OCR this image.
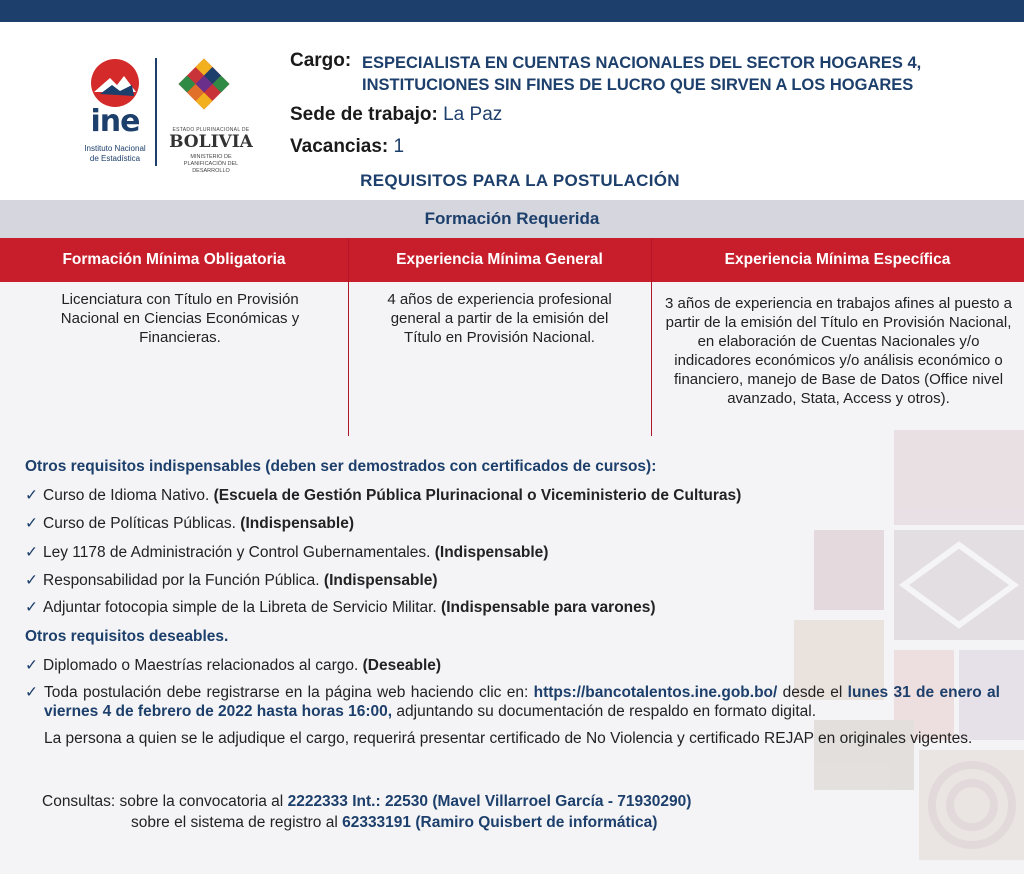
ine
Instituto Nacional
de Estadística
ESTADO PLURINACIONAL DE
BOLIVIA
MINISTERIO DE
PLANIFICACIÓN DEL DESARROLLO
Cargo: ESPECIALISTA EN CUENTAS NACIONALES DEL SECTOR HOGARES 4, INSTITUCIONES SIN FINES DE LUCRO QUE SIRVEN A LOS HOGARES
Sede de trabajo: La Paz
Vacancias: 1
REQUISITOS PARA LA POSTULACIÓN
Formación Requerida
Formación Mínima Obligatoria	Experiencia Mínima General	Experiencia Mínima Específica
Licenciatura con Título en Provisión Nacional en Ciencias Económicas y Financieras.
4 años de experiencia profesional general a partir de la emisión del Título en Provisión Nacional.
3 años de experiencia en trabajos afines al puesto a partir de la emisión del Título en Provisión Nacional, en elaboración de Cuentas Nacionales y/o indicadores económicos y/o análisis económico o financiero, manejo de Base de Datos (Office nivel avanzado, Stata, Access y otros).
Otros requisitos indispensables (deben ser demostrados con certificados de cursos):
✓ Curso de Idioma Nativo. (Escuela de Gestión Pública Plurinacional o Viceministerio de Culturas)
✓ Curso de Políticas Públicas. (Indispensable)
✓ Ley 1178 de Administración y Control Gubernamentales. (Indispensable)
✓ Responsabilidad por la Función Pública. (Indispensable)
✓ Adjuntar fotocopia simple de la Libreta de Servicio Militar. (Indispensable para varones)
Otros requisitos deseables.
✓ Diplomado o Maestrías relacionados al cargo. (Deseable)
✓ Toda postulación debe registrarse en la página web haciendo clic en: https://bancotalentos.ine.gob.bo/ desde el lunes 31 de enero al viernes 4 de febrero de 2022 hasta horas 16:00, adjuntando su documentación de respaldo en formato digital.
La persona a quien se le adjudique el cargo, requerirá presentar certificado de No Violencia y certificado REJAP en originales vigentes.
Consultas: sobre la convocatoria al 2222333 Int.: 22530 (Mavel Villarroel García - 71930290)
sobre el sistema de registro al 62333191 (Ramiro Quisbert de informática)
